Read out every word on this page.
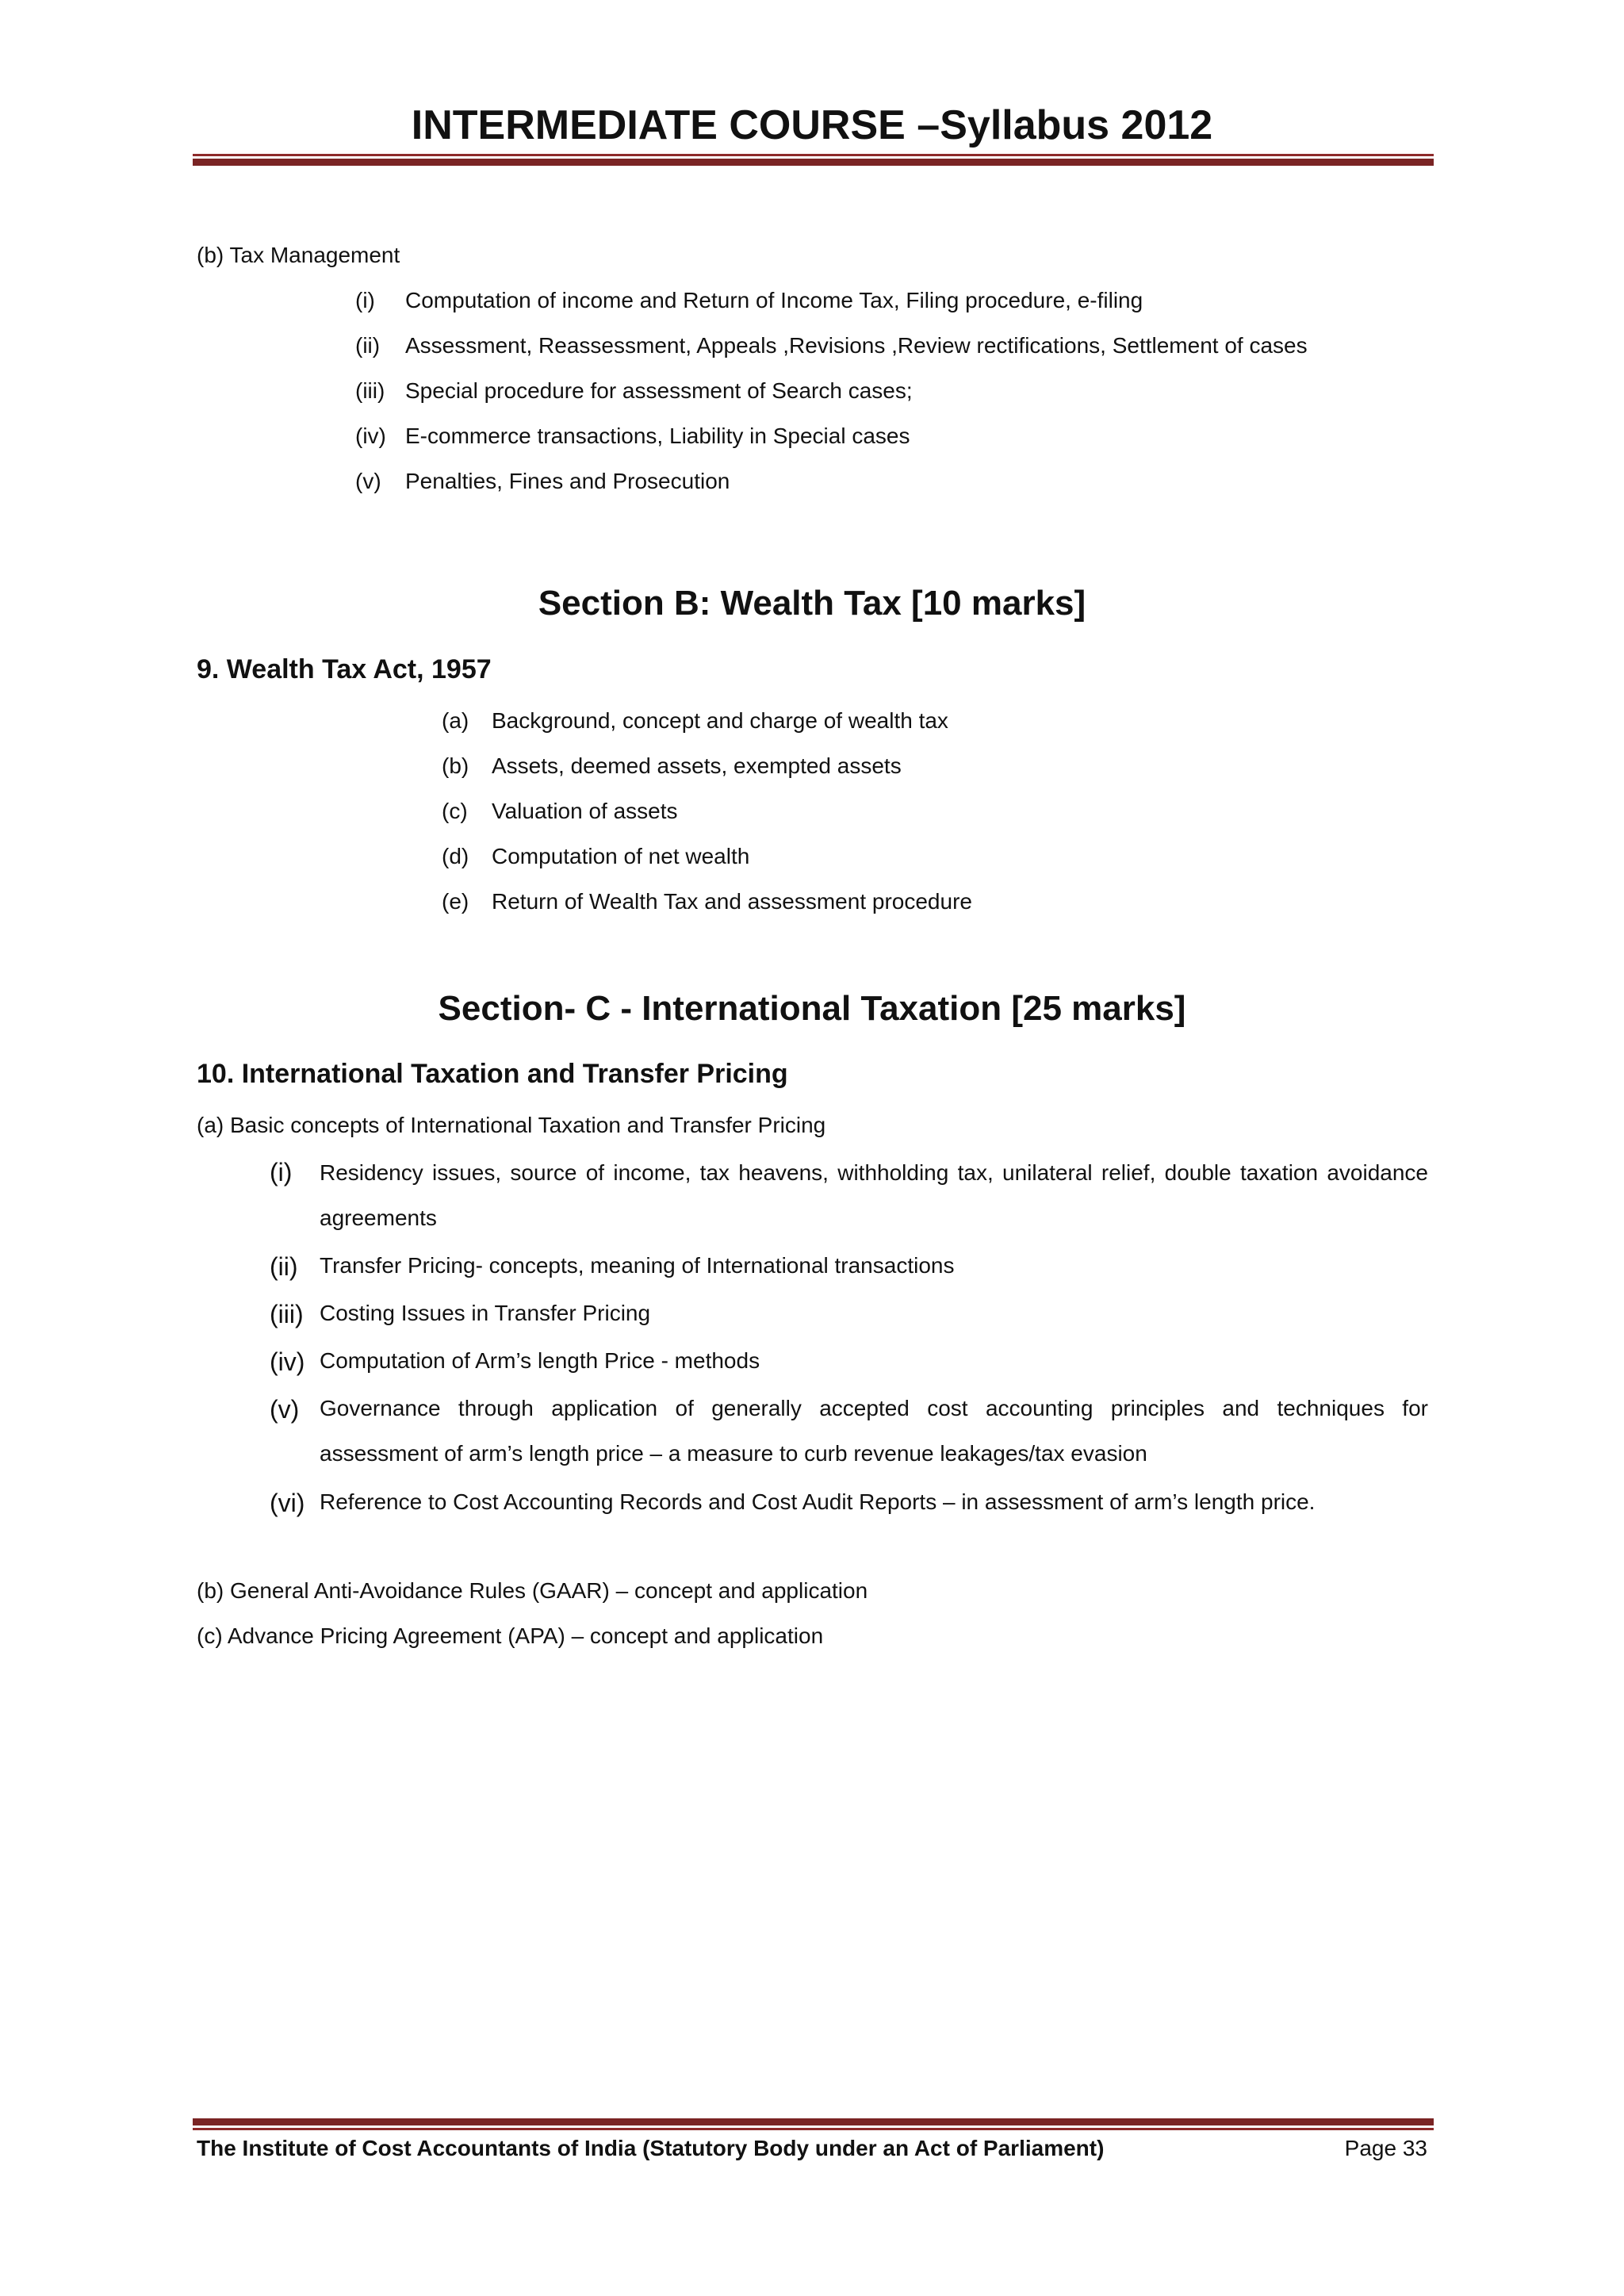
INTERMEDIATE COURSE –Syllabus 2012
(b) Tax Management
(i) Computation of income and Return of Income Tax, Filing procedure, e-filing
(ii) Assessment, Reassessment, Appeals ,Revisions ,Review rectifications, Settlement of cases
(iii) Special procedure for assessment of Search cases;
(iv) E-commerce transactions, Liability in Special cases
(v) Penalties, Fines and Prosecution
Section B: Wealth Tax [10 marks]
9. Wealth Tax Act, 1957
(a) Background, concept and charge of wealth tax
(b) Assets, deemed assets, exempted assets
(c) Valuation of assets
(d) Computation of net wealth
(e) Return of Wealth Tax and assessment procedure
Section- C - International Taxation [25 marks]
10. International Taxation and Transfer Pricing
(a) Basic concepts of International Taxation and Transfer Pricing
(i) Residency issues, source of income, tax heavens, withholding tax, unilateral relief, double taxation avoidance
agreements
(ii) Transfer Pricing- concepts, meaning of International transactions
(iii) Costing Issues in Transfer Pricing
(iv) Computation of Arm’s length Price - methods
(v) Governance through application of generally accepted cost accounting principles and techniques for
assessment of arm’s length price – a measure to curb revenue leakages/tax evasion
(vi) Reference to Cost Accounting Records and Cost Audit Reports – in assessment of arm’s length price.
(b) General Anti-Avoidance Rules (GAAR) – concept and application
(c) Advance Pricing Agreement (APA) – concept and application
The Institute of Cost Accountants of India (Statutory Body under an Act of Parliament)	Page 33
